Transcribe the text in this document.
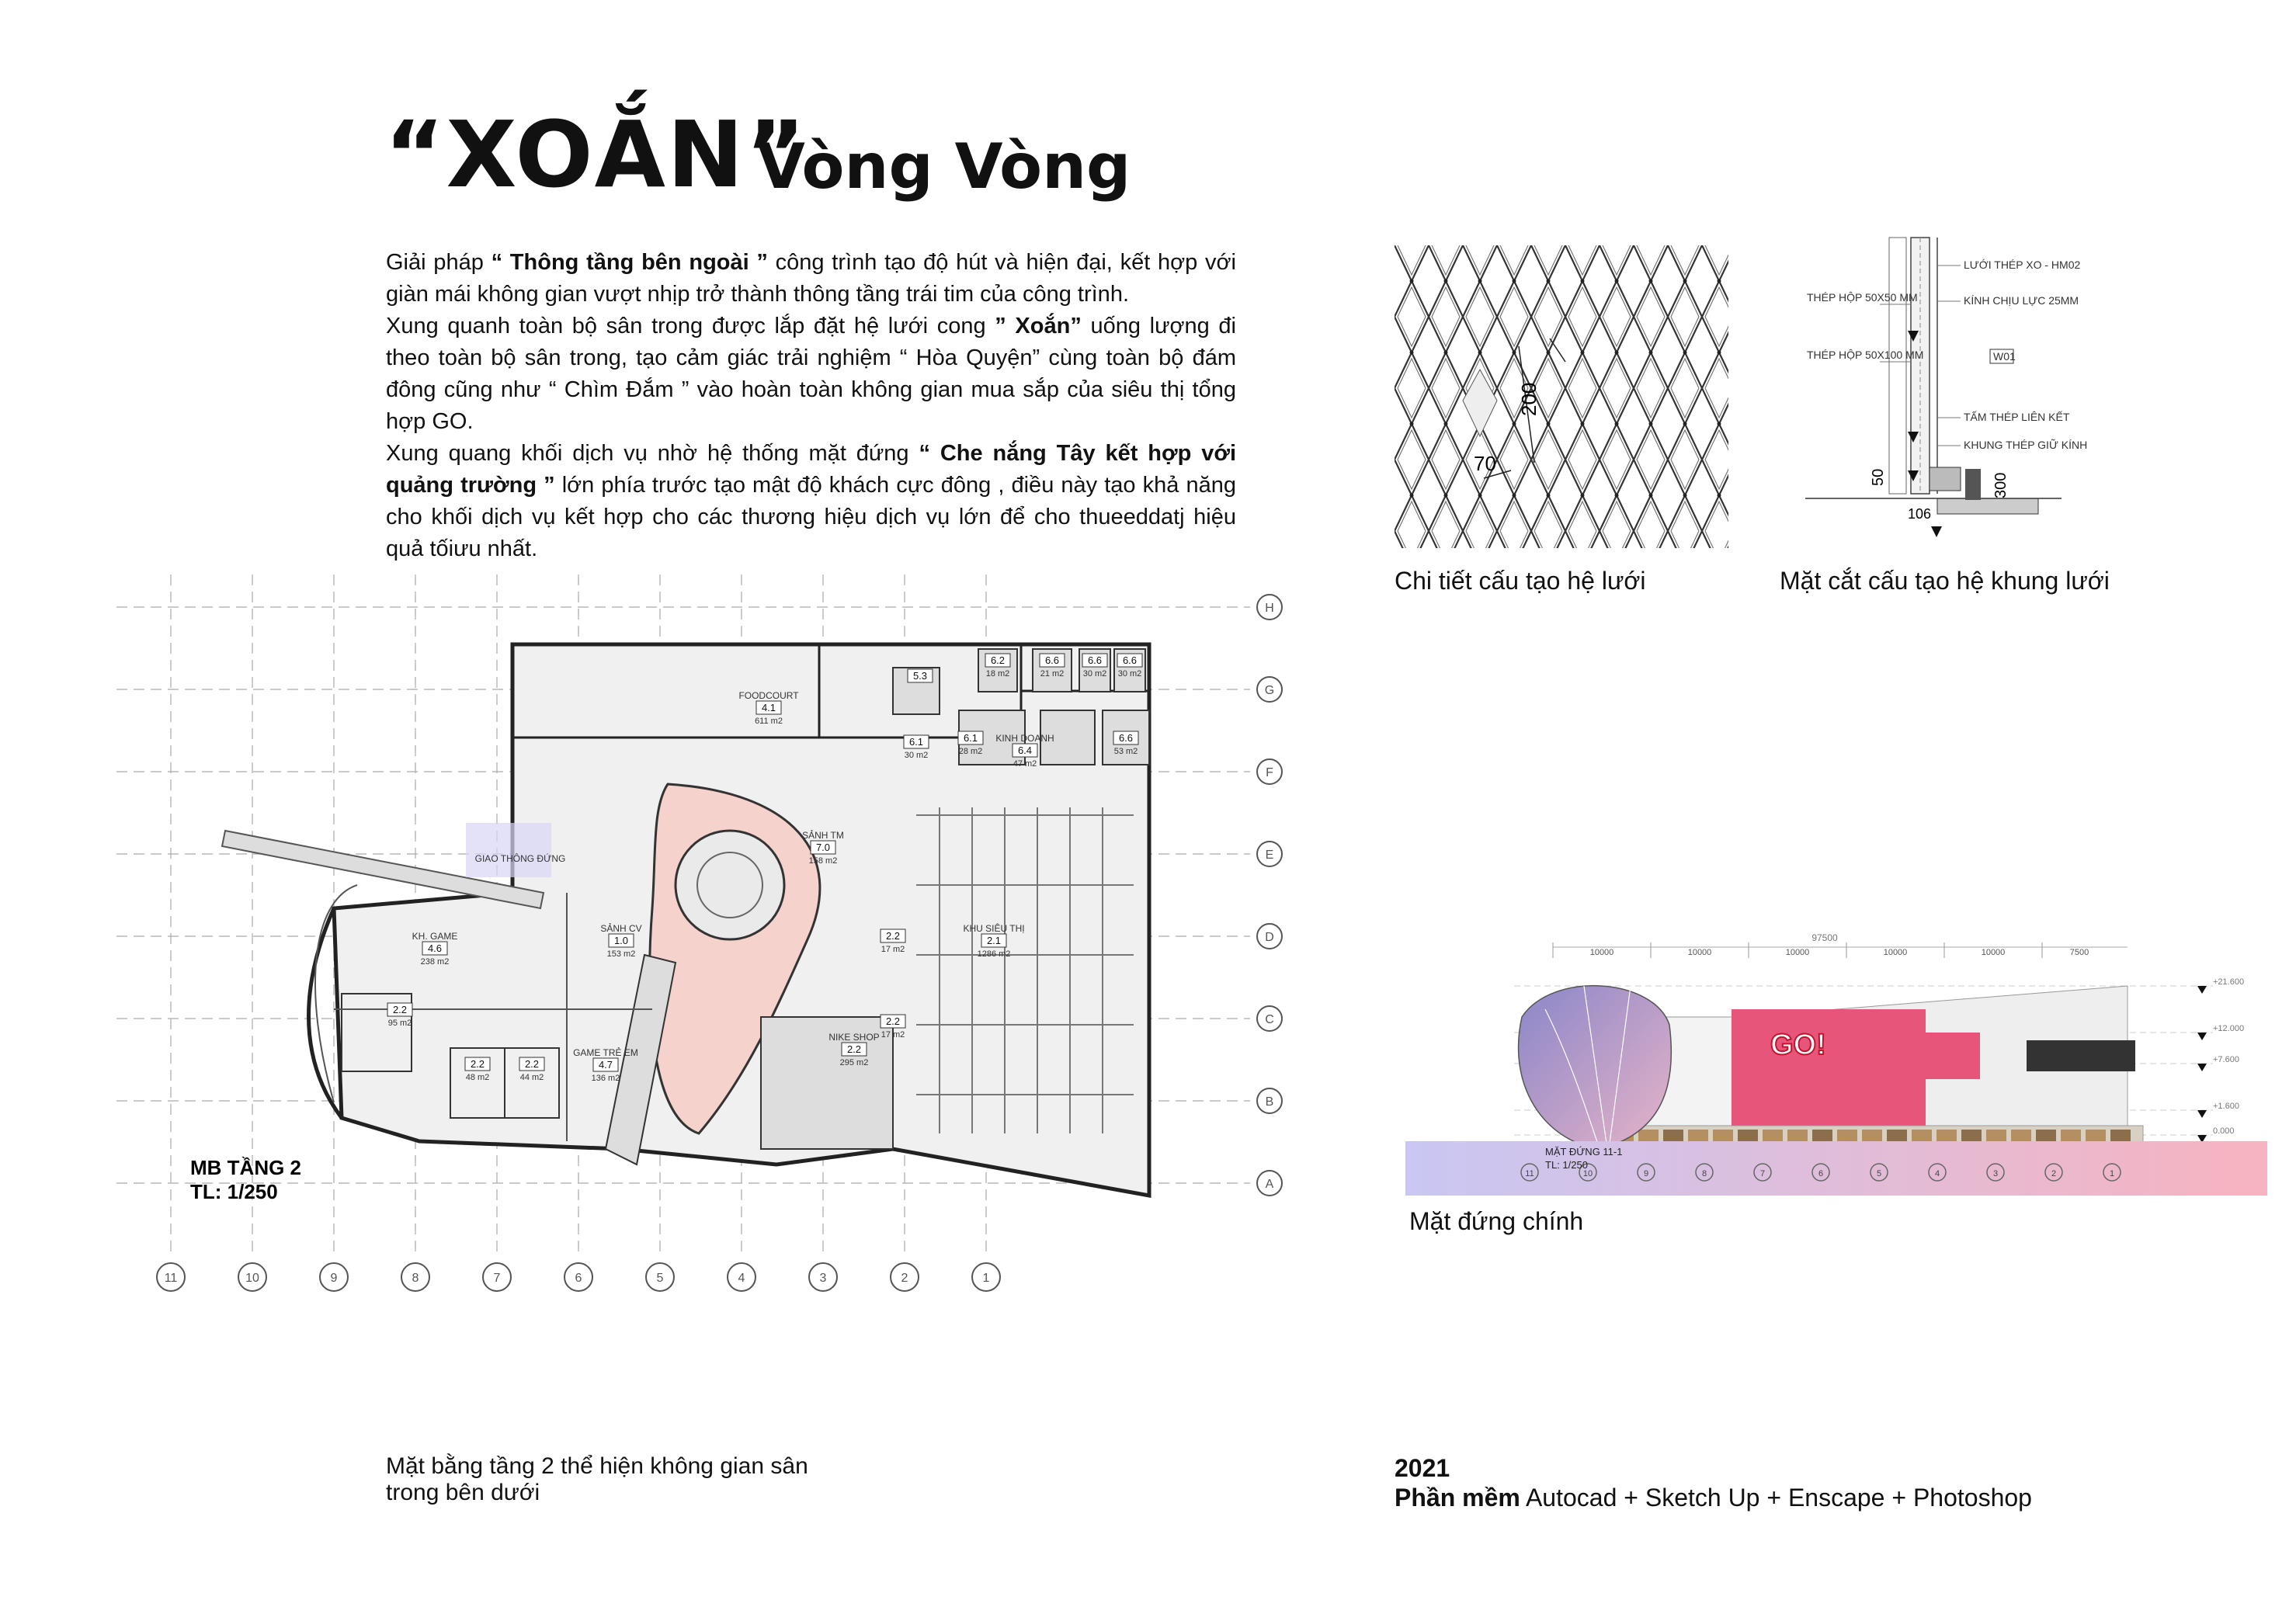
“XOẮN”
Vòng Vòng

Giải pháp “ Thông tầng bên ngoài ” công trình tạo độ hút và hiện đại, kết hợp với giàn mái không gian vượt nhịp trở thành thông tầng trái tim của công trình.

Xung quanh toàn bộ sân trong được lắp đặt hệ lưới cong ” Xoắn” uống lượng đi theo toàn bộ sân trong, tạo cảm giác trải nghiệm “ Hòa Quyện” cùng toàn bộ đám đông cũng như “ Chìm Đắm ” vào hoàn toàn không gian mua sắp của siêu thị tổng hợp GO.

Xung quang khối dịch vụ nhờ hệ thống mặt đứng “ Che nắng Tây kết hợp với quảng trường ” lớn phía trước tạo mật độ khách cực đông , điều này tạo khả năng cho khối dịch vụ kết hợp cho các thương hiệu dịch vụ lớn để cho thueeddatj hiệu quả tốiưu nhất.

200
70
Chi tiết cấu tạo hệ lưới
LƯỚI THÉP XO - HM02
KÍNH CHỊU LỰC 25MM
THÉP HỘP 50X50 MM
THÉP HỘP 50X100 MM	W01
TẤM THÉP LIÊN KẾT
KHUNG THÉP GIỮ KÍNH
50	300
106
Mặt cắt cấu tạo hệ khung lưới
H
G
F
E
D
C
B
A
11	10	9	8	7	6	5	4	3	2	1
FOODCOURT
4.1
611 m2
SẢNH TM
7.0
158 m2
GIAO THÔNG ĐỨNG
KH. GAME
4.6
238 m2
SẢNH CV
1.0
153 m2
KHU SIÊU THỊ
2.1
1286 m2
GAME TRẺ EM
4.7
136 m2
NIKE SHOP
2.2
295 m2
KINH DOANH
6.4
47 m2
6.6
53 m2
2.2
17 m2
2.2
17 m2
2.2
95 m2
2.2
48 m2
2.2
44 m2
5.3
6.2
18 m2
6.6
21 m2
6.6
30 m2
6.6
30 m2
6.1
28 m2
6.1
30 m2
MB TẦNG 2
TL: 1/250
Mặt bằng tầng 2 thể hiện không gian sân trong bên dưới
97500
10000	10000	10000	10000	10000	7500
+21.600
+12.000
+7.600
+1.600
0.000
GO!
11	10	9	8	7	6	5	4	3	2	1
MẶT ĐỨNG 11-1
TL: 1/250
Mặt đứng chính
2021
Phần mềm Autocad + Sketch Up + Enscape + Photoshop
